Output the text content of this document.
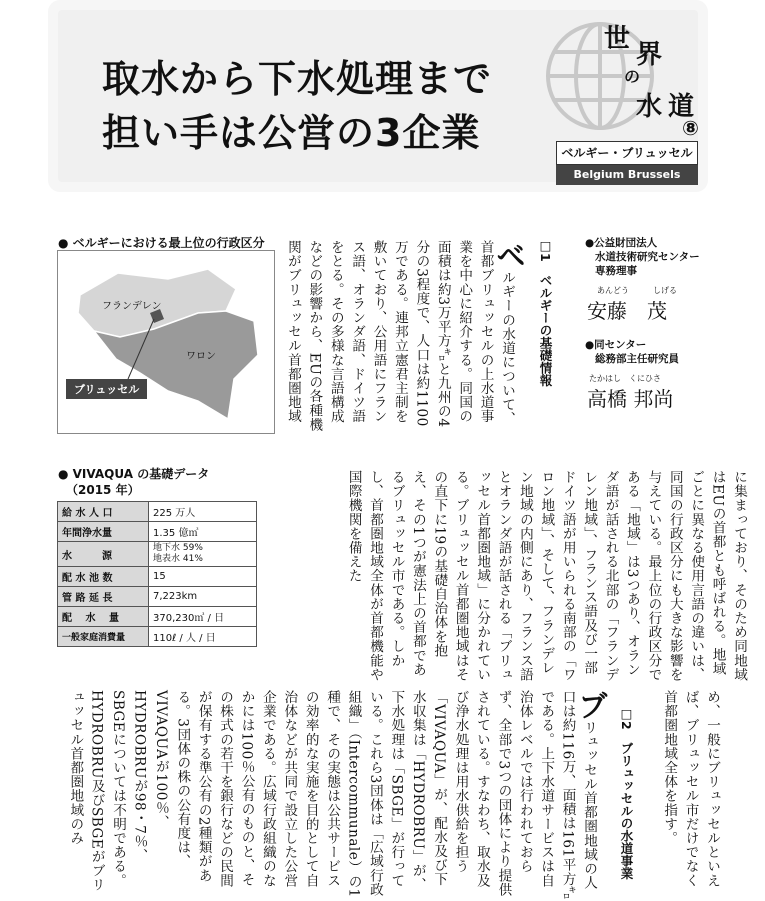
取水から下水処理まで
担い手は公営の3企業
世
界
の
水 道
⑧
ベルギー・ブリュッセル
Belgium Brussels
● ベルギーにおける最上位の行政区分
フランデレン
ワロン
ブリュッセル
● VIVAQUA の基礎データ
（2015 年）
給 水 人 口	225 万人
年間浄水量	1.35 億㎥
水　　　源	地下水 59%
地表水 41%
配 水 池 数	15
管 路 延 長	7,223km
配 　水 　量	370,230㎥ / 日
一般家庭消費量	110ℓ / 人 / 日
●公益財団法人
水道技術研究センター
専務理事
あんどう　　　しげる
安藤　茂
●同センター
総務部主任研究員
たかはし　くにひさ
高橋 邦尚
□1　ベルギーの基礎情報
ベルギーの水道について、首都ブリュッセルの上水道事業を中心に紹介する。同国の面積は約3万平方㌔と九州の4分の3程度で、人口は約1100万である。連邦立憲君主制を敷いており、公用語にフランス語、オランダ語、ドイツ語をとる。その多様な言語構成などの影響から、EUの各種機関がブリュッセル首都圏地域
に集まっており、そのため同地域はEUの首都とも呼ばれる。地域ごとに異なる使用言語の違いは、同国の行政区分にも大きな影響を与えている。最上位の行政区分である「地域」は3つあり、オランダ語が話される北部の「フランデレン地域」、フランス語及び一部ドイツ語が用いられる南部の「ワロン地域」、そして、フランデレン地域の内側にあり、フランス語とオランダ語が話される「ブリュッセル首都圏地域」に分かれている。ブリュッセル首都圏地域はその直下に19の基礎自治体を抱え、その1つが憲法上の首都であるブリュッセル市である。しかし、首都圏地域全体が首都機能や国際機関を備えた
め、一般にブリュッセルといえば、ブリュッセル市だけでなく首都圏地域全体を指す。
□2　ブリュッセルの水道事業
ブリュッセル首都圏地域の人口は約116万、面積は161平方㌔である。上下水道サービスは自治体レベルでは行われておらず、全部で3つの団体により提供されている。すなわち、取水及び浄水処理は用水供給を担う「VIVAQUA」が、配水及び下水収集は「HYDROBRU」が、下水処理は「SBGE」が行っている。これら3団体は「広域行政組織」（Intercommunale）の1種で、その実態は公共サービスの効率的な実施を目的として自治体などが共同で設立した公営企業である。広域行政組織のなかには100％公有のものと、その株式の若干を銀行などの民間が保有する準公有の2種類がある。3団体の株の公有度は、VIVAQUAが100％、HYDROBRUが98・7％、SBGEについては不明である。HYDROBRU及びSBGEがブリュッセル首都圏地域のみ
